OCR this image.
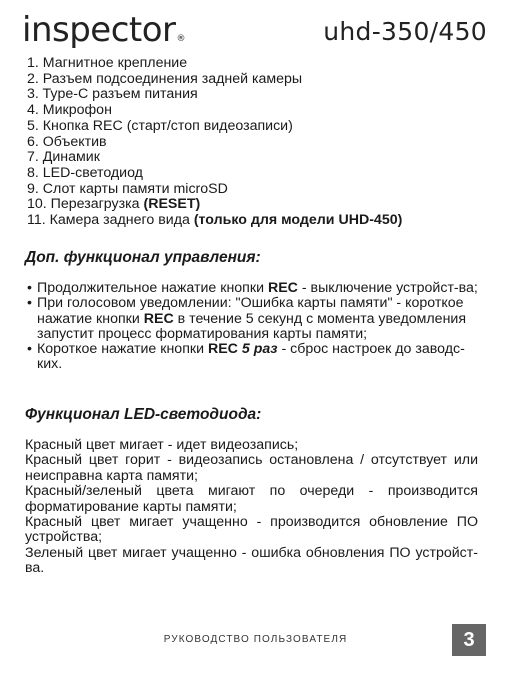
inspector®	uhd-350/450
1. Магнитное крепление
2. Разъем подсоединения задней камеры
3. Type-C разъем питания
4. Микрофон
5. Кнопка REC (старт/стоп видеозаписи)
6. Объектив
7. Динамик
8. LED-светодиод
9. Слот карты памяти microSD
10. Перезагрузка (RESET)
11. Камера заднего вида (только для модели UHD-450)
Доп. функционал управления:
• Продолжительное нажатие кнопки REC - выключение устройст-ва;
• При голосовом уведомлении: "Ошибка карты памяти" - короткое нажатие кнопки REC в течение 5 секунд с момента уведомления запустит процесс форматирования карты памяти;
• Короткое нажатие кнопки REC 5 раз - сброс настроек до заводс-ких.
Функционал LED-светодиода:

Красный цвет мигает - идет видеозапись;

Красный цвет горит - видеозапись остановлена / отсутствует или неисправна карта памяти;

Красный/зеленый цвета мигают по очереди - производится форматирование карты памяти;

Красный цвет мигает учащенно - производится обновление ПО устройства;

Зеленый цвет мигает учащенно - ошибка обновления ПО устройст-ва.

РУКОВОДСТВО ПОЛЬЗОВАТЕЛЯ	3
